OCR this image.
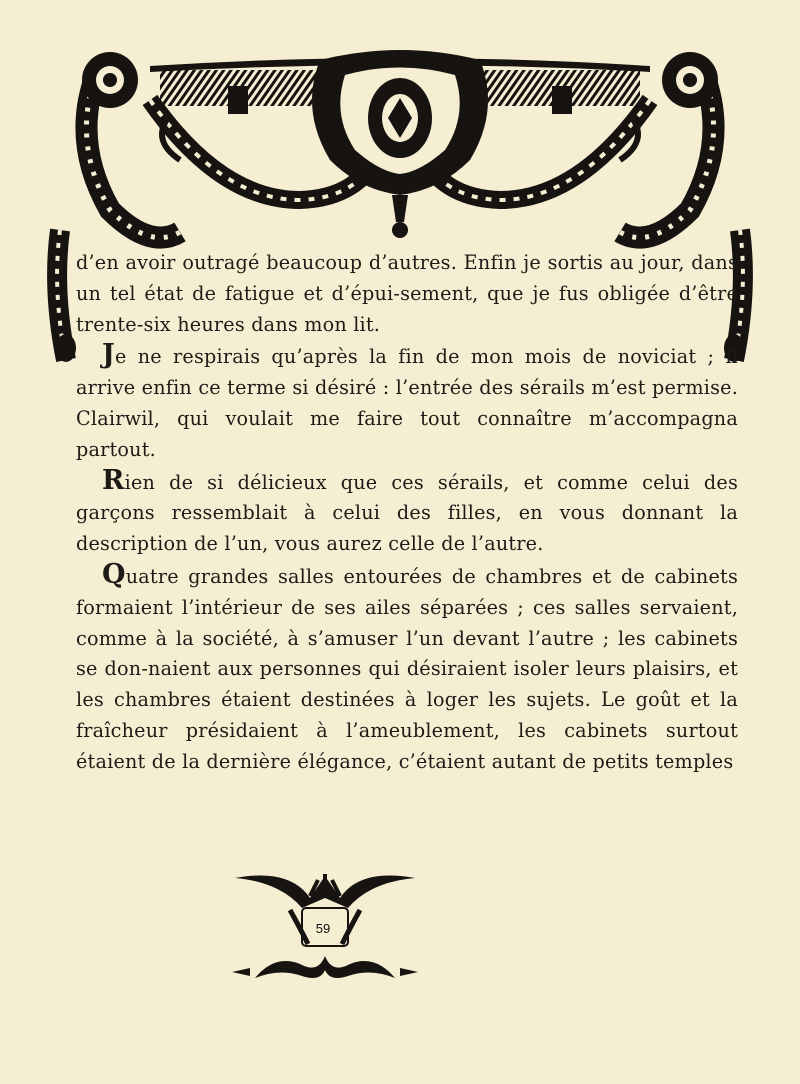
d’en avoir outragé beaucoup d’autres. Enfin je sortis au jour, dans un tel état de fatigue et d’épui-sement, que je fus obligée d’être trente-six heures dans mon lit.

Je ne respirais qu’après la fin de mon mois de noviciat ; il arrive enfin ce terme si désiré : l’entrée des sérails m’est permise. Clairwil, qui voulait me faire tout connaître m’accompagna partout.

Rien de si délicieux que ces sérails, et comme celui des garçons ressemblait à celui des filles, en vous donnant la description de l’un, vous aurez celle de l’autre.

Quatre grandes salles entourées de chambres et de cabinets formaient l’intérieur de ses ailes séparées ; ces salles servaient, comme à la société, à s’amuser l’un devant l’autre ; les cabinets se don-naient aux personnes qui désiraient isoler leurs plaisirs, et les chambres étaient destinées à loger les sujets. Le goût et la fraîcheur présidaient à l’ameublement, les cabinets surtout étaient de la dernière élégance, c’étaient autant de petits temples

59
